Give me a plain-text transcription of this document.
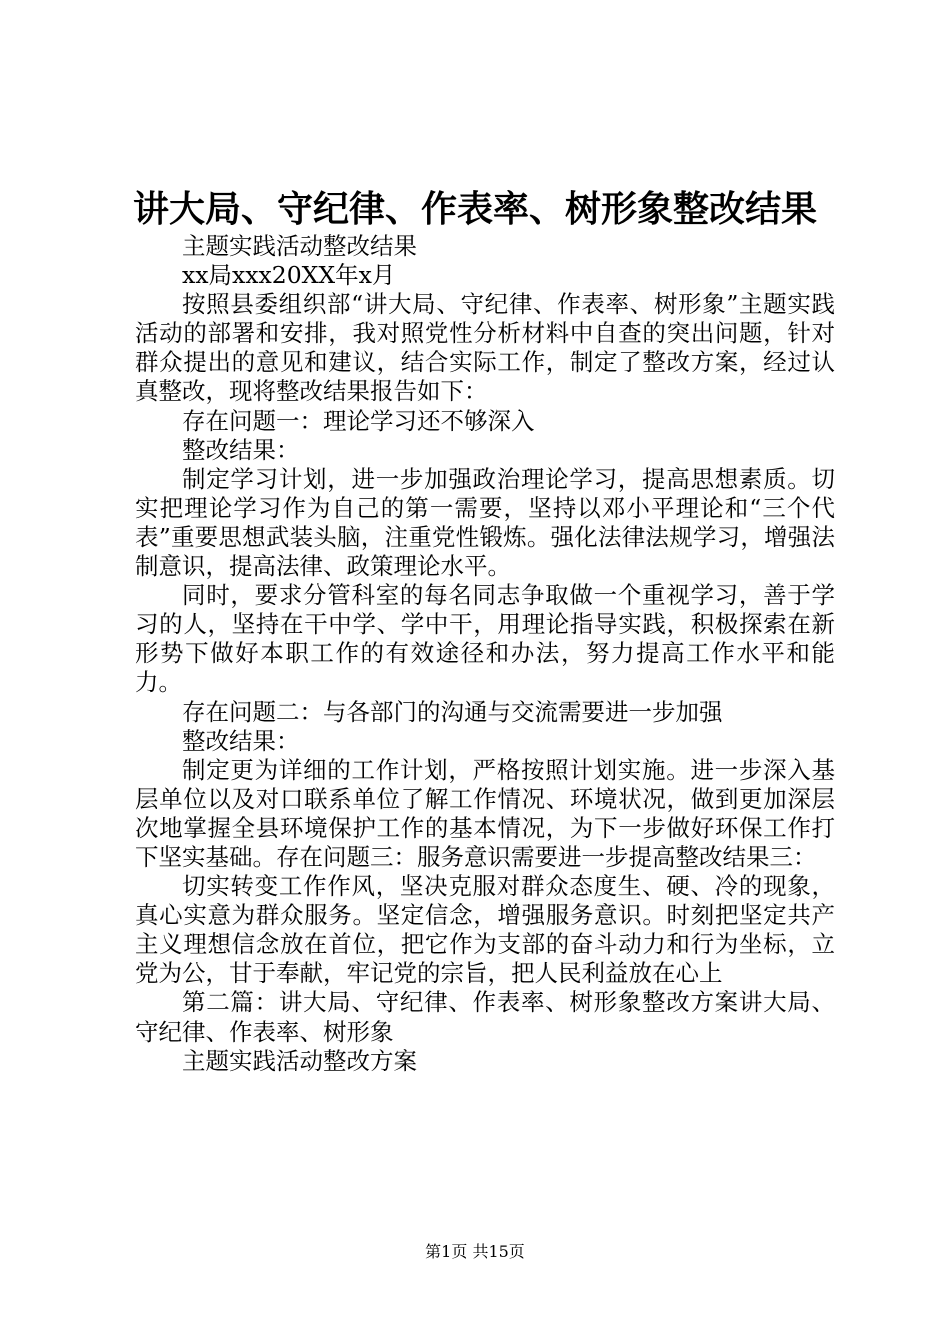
讲大局、守纪律、作表率、树形象整改结果

主题实践活动整改结果

xx局xxx20XX年x月

按照县委组织部“讲大局、守纪律、作表率、树形象”主题实践活动的部署和安排，我对照党性分析材料中自查的突出问题，针对群众提出的意见和建议，结合实际工作，制定了整改方案，经过认真整改，现将整改结果报告如下：

存在问题一：理论学习还不够深入

整改结果：

制定学习计划，进一步加强政治理论学习，提高思想素质。切实把理论学习作为自己的第一需要，坚持以邓小平理论和“三个代表”重要思想武装头脑，注重党性锻炼。强化法律法规学习，增强法制意识，提高法律、政策理论水平。

同时，要求分管科室的每名同志争取做一个重视学习，善于学习的人，坚持在干中学、学中干，用理论指导实践，积极探索在新形势下做好本职工作的有效途径和办法，努力提高工作水平和能力。

存在问题二：与各部门的沟通与交流需要进一步加强

整改结果：

制定更为详细的工作计划，严格按照计划实施。进一步深入基层单位以及对口联系单位了解工作情况、环境状况，做到更加深层次地掌握全县环境保护工作的基本情况，为下一步做好环保工作打下坚实基础。存在问题三：服务意识需要进一步提高整改结果三：

切实转变工作作风，坚决克服对群众态度生、硬、冷的现象，真心实意为群众服务。坚定信念，增强服务意识。时刻把坚定共产主义理想信念放在首位，把它作为支部的奋斗动力和行为坐标，立党为公，甘于奉献，牢记党的宗旨，把人民利益放在心上

第二篇：讲大局、守纪律、作表率、树形象整改方案讲大局、守纪律、作表率、树形象

主题实践活动整改方案

第1页 共15页
